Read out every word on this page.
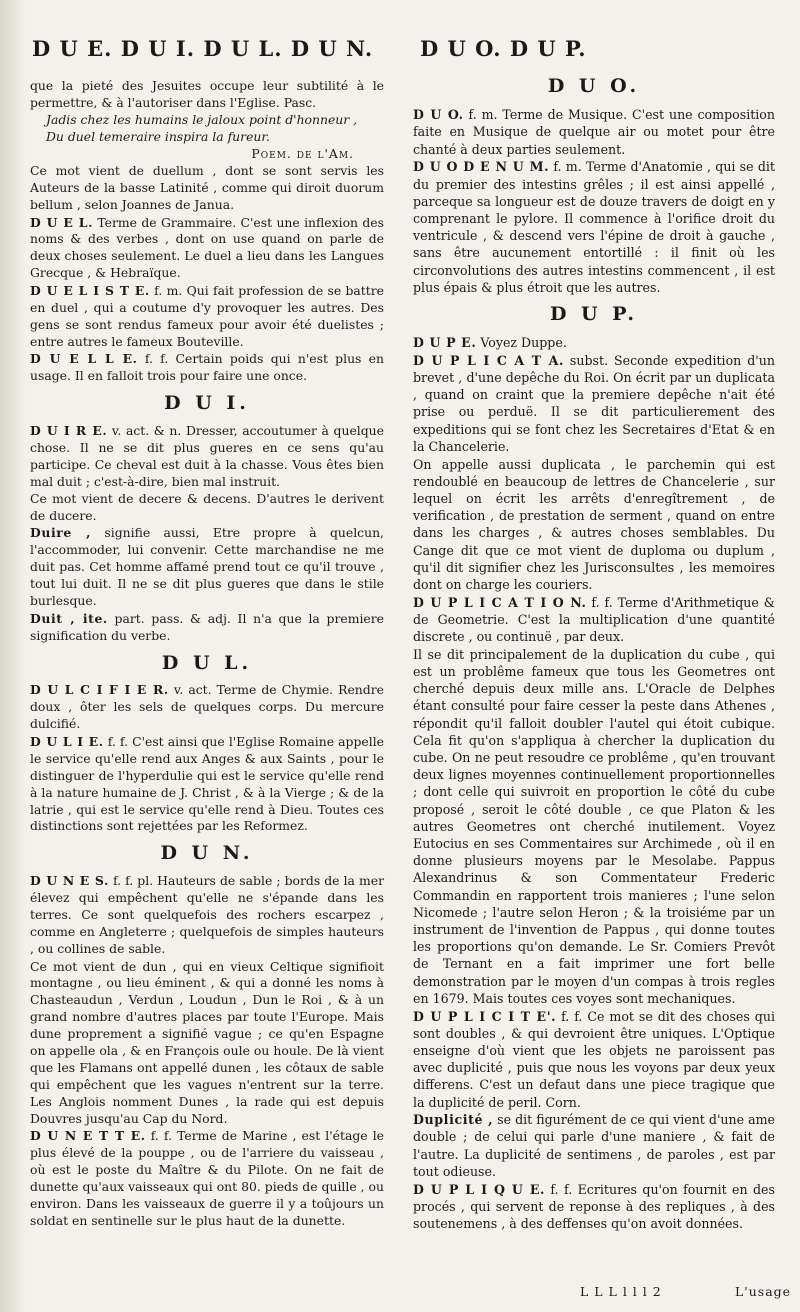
D U E. D U I. D U L. D U N. D U O. D U P.
que la pieté des Jesuites occupe leur subtilité à le permettre, & à l'autoriser dans l'Eglise. Pasc.
Jadis chez les humains le jaloux point d'honneur ,
Du duel temeraire inspira la fureur.
Poem. de l'Am.
Ce mot vient de duellum , dont se sont servis les Auteurs de la basse Latinité , comme qui diroit duorum bellum , selon Joannes de Janua.
D U E L. Terme de Grammaire. C'est une inflexion des noms & des verbes , dont on use quand on parle de deux choses seulement. Le duel a lieu dans les Langues Grecque , & Hebraïque.
D U E L I S T E. f. m. Qui fait profession de se battre en duel , qui a coutume d'y provoquer les autres. Des gens se sont rendus fameux pour avoir été duelistes ; entre autres le fameux Bouteville.
D U E L L E. f. f. Certain poids qui n'est plus en usage. Il en falloit trois pour faire une once.
D U I.
D U I R E. v. act. & n. Dresser, accoutumer à quelque chose. Il ne se dit plus gueres en ce sens qu'au participe. Ce cheval est duit à la chasse. Vous êtes bien mal duit ; c'est-à-dire, bien mal instruit.
Ce mot vient de decere & decens. D'autres le derivent de ducere.
Duire , signifie aussi, Etre propre à quelcun, l'accommoder, lui convenir. Cette marchandise ne me duit pas. Cet homme affamé prend tout ce qu'il trouve , tout lui duit. Il ne se dit plus gueres que dans le stile burlesque.
Duit , ite. part. pass. & adj. Il n'a que la premiere signification du verbe.
D U L.
D U L C I F I E R. v. act. Terme de Chymie. Rendre doux , ôter les sels de quelques corps. Du mercure dulcifié.
D U L I E. f. f. C'est ainsi que l'Eglise Romaine appelle le service qu'elle rend aux Anges & aux Saints , pour le distinguer de l'hyperdulie qui est le service qu'elle rend à la nature humaine de J. Christ , & à la Vierge ; & de la latrie , qui est le service qu'elle rend à Dieu. Toutes ces distinctions sont rejettées par les Reformez.
D U N.
D U N E S. f. f. pl. Hauteurs de sable ; bords de la mer élevez qui empêchent qu'elle ne s'épande dans les terres. Ce sont quelquefois des rochers escarpez , comme en Angleterre ; quelquefois de simples hauteurs , ou collines de sable.
Ce mot vient de dun , qui en vieux Celtique signifioit montagne , ou lieu éminent , & qui a donné les noms à Chasteaudun , Verdun , Loudun , Dun le Roi , & à un grand nombre d'autres places par toute l'Europe. Mais dune proprement a signifié vague ; ce qu'en Espagne on appelle ola , & en François oule ou houle. De là vient que les Flamans ont appellé dunen , les côtaux de sable qui empêchent que les vagues n'entrent sur la terre. Les Anglois nomment Dunes , la rade qui est depuis Douvres jusqu'au Cap du Nord.
D U N E T T E. f. f. Terme de Marine , est l'étage le plus élevé de la pouppe , ou de l'arriere du vaisseau , où est le poste du Maître & du Pilote. On ne fait de dunette qu'aux vaisseaux qui ont 80. pieds de quille , ou environ. Dans les vaisseaux de guerre il y a toûjours un soldat en sentinelle sur le plus haut de la dunette.
D U O.
D U O. f. m. Terme de Musique. C'est une composition faite en Musique de quelque air ou motet pour être chanté à deux parties seulement.
D U O D E N U M. f. m. Terme d'Anatomie , qui se dit du premier des intestins grêles ; il est ainsi appellé , parceque sa longueur est de douze travers de doigt en y comprenant le pylore. Il commence à l'orifice droit du ventricule , & descend vers l'épine de droit à gauche , sans être aucunement entortillé : il finit où les circonvolutions des autres intestins commencent , il est plus épais & plus étroit que les autres.
D U P.
D U P E. Voyez Duppe.
D U P L I C A T A. subst. Seconde expedition d'un brevet , d'une depêche du Roi. On écrit par un duplicata , quand on craint que la premiere depêche n'ait été prise ou perduë. Il se dit particulierement des expeditions qui se font chez les Secretaires d'Etat & en la Chancelerie.
On appelle aussi duplicata , le parchemin qui est rendoublé en beaucoup de lettres de Chancelerie , sur lequel on écrit les arrêts d'enregîtrement , de verification , de prestation de serment , quand on entre dans les charges , & autres choses semblables. Du Cange dit que ce mot vient de duploma ou duplum , qu'il dit signifier chez les Jurisconsultes , les memoires dont on charge les couriers.
D U P L I C A T I O N. f. f. Terme d'Arithmetique & de Geometrie. C'est la multiplication d'une quantité discrete , ou continuë , par deux.
Il se dit principalement de la duplication du cube , qui est un problême fameux que tous les Geometres ont cherché depuis deux mille ans. L'Oracle de Delphes étant consulté pour faire cesser la peste dans Athenes , répondit qu'il falloit doubler l'autel qui étoit cubique. Cela fit qu'on s'appliqua à chercher la duplication du cube. On ne peut resoudre ce problême , qu'en trouvant deux lignes moyennes continuellement proportionnelles ; dont celle qui suivroit en proportion le côté du cube proposé , seroit le côté double , ce que Platon & les autres Geometres ont cherché inutilement. Voyez Eutocius en ses Commentaires sur Archimede , où il en donne plusieurs moyens par le Mesolabe. Pappus Alexandrinus & son Commentateur Frederic Commandin en rapportent trois manieres ; l'une selon Nicomede ; l'autre selon Heron ; & la troisiéme par un instrument de l'invention de Pappus , qui donne toutes les proportions qu'on demande. Le Sr. Comiers Prevôt de Ternant en a fait imprimer une fort belle demonstration par le moyen d'un compas à trois regles en 1679. Mais toutes ces voyes sont mechaniques.
D U P L I C I T E'. f. f. Ce mot se dit des choses qui sont doubles , & qui devroient être uniques. L'Optique enseigne d'où vient que les objets ne paroissent pas avec duplicité , puis que nous les voyons par deux yeux differens. C'est un defaut dans une piece tragique que la duplicité de peril. Corn.
Duplicité , se dit figurément de ce qui vient d'une ame double ; de celui qui parle d'une maniere , & fait de l'autre. La duplicité de sentimens , de paroles , est par tout odieuse.
D U P L I Q U E. f. f. Ecritures qu'on fournit en des procés , qui servent de reponse à des repliques , à des soutenemens , à des deffenses qu'on avoit données.
L L L l l l 2	L'usage
